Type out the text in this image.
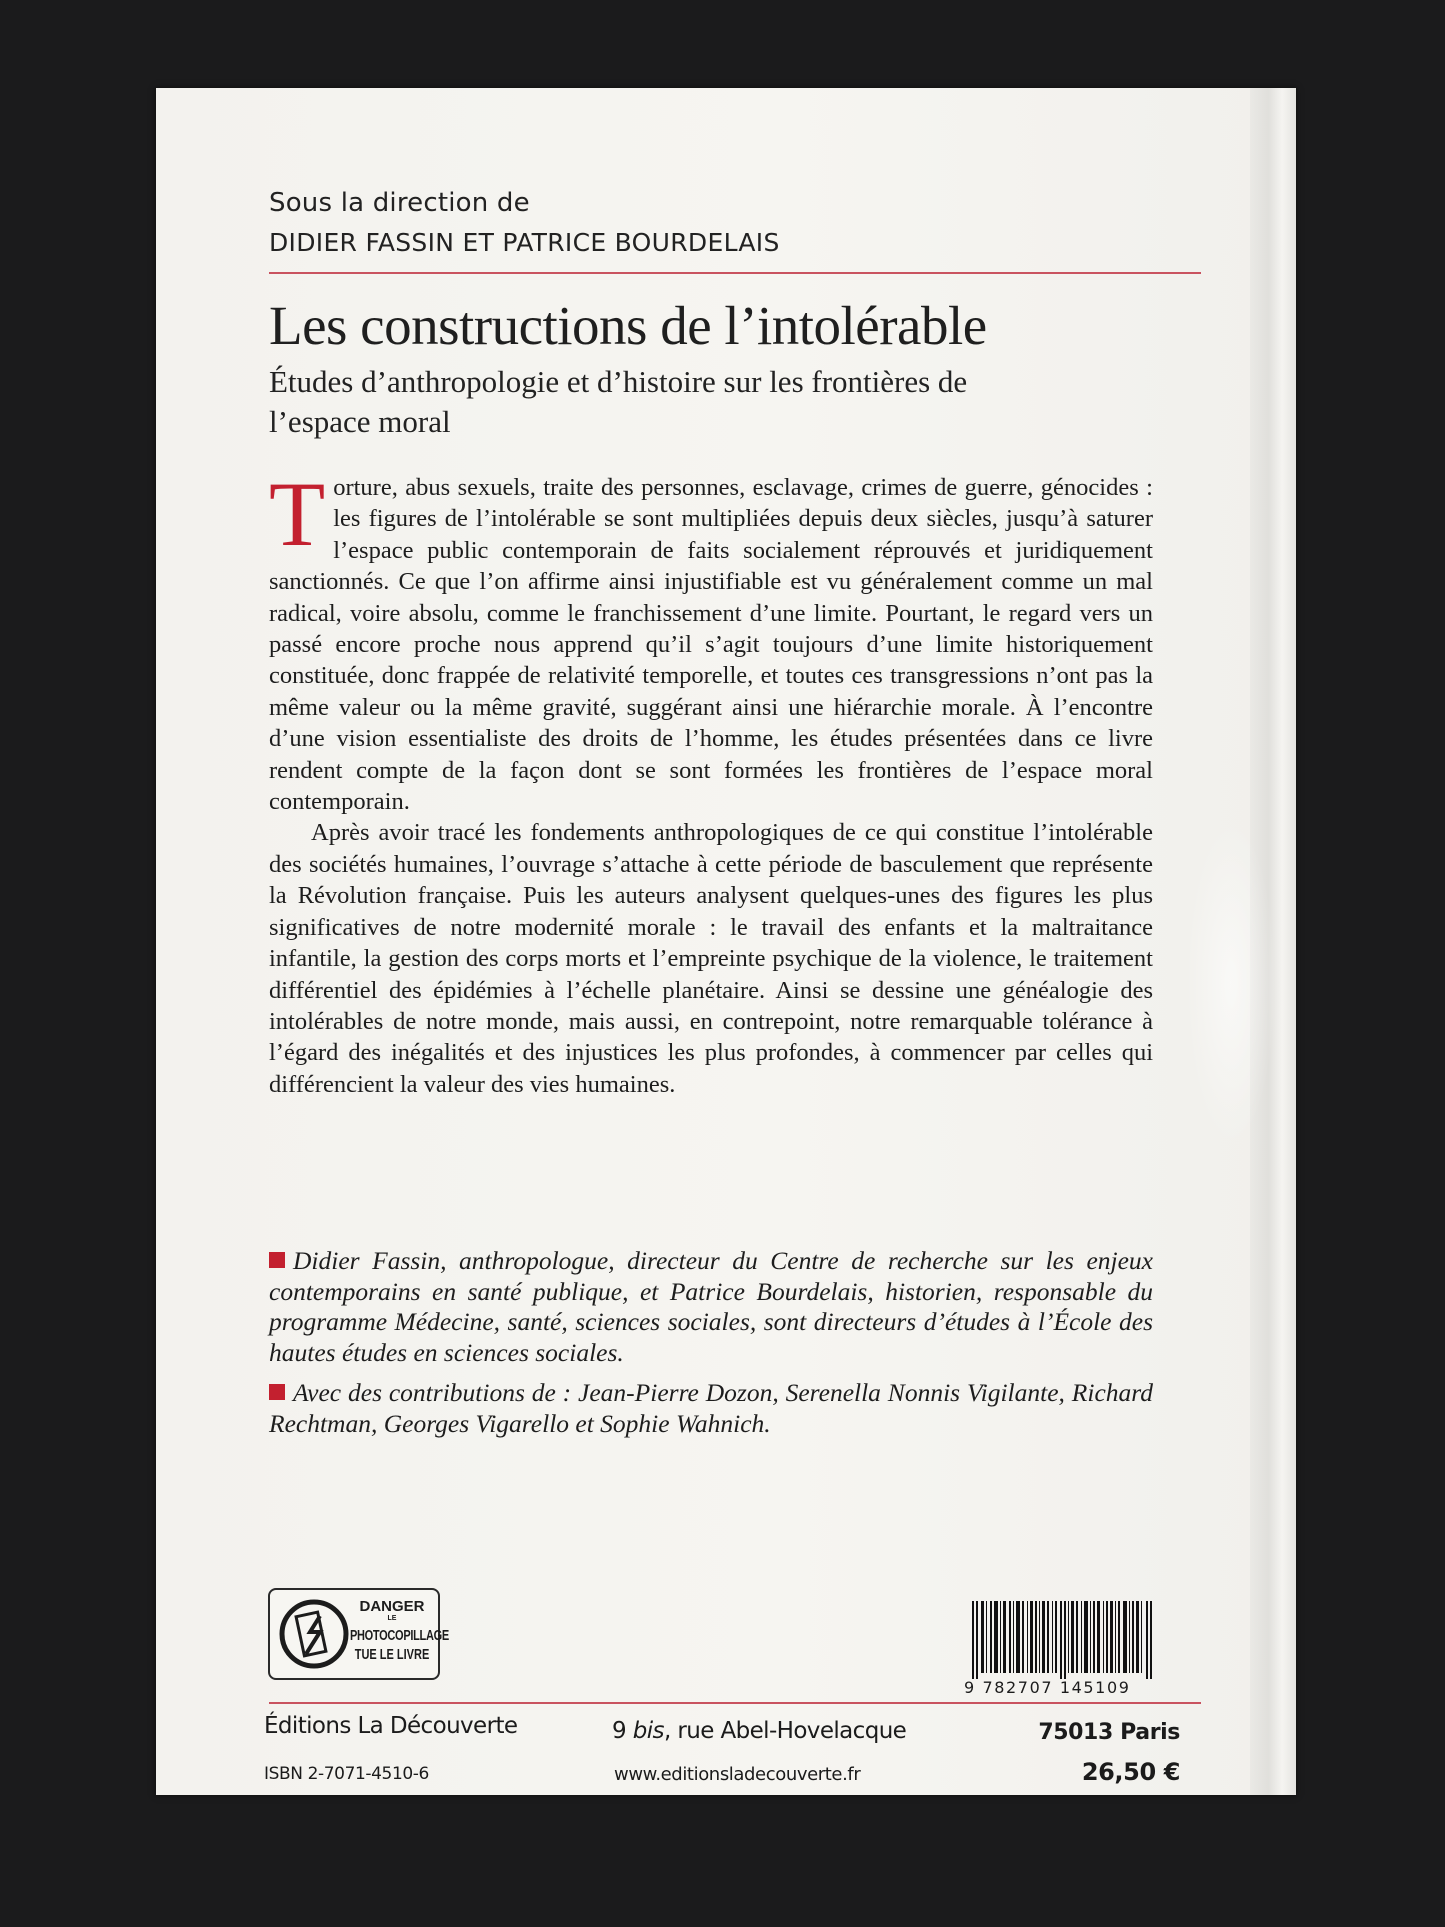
Sous la direction de
DIDIER FASSIN ET PATRICE BOURDELAIS
Les constructions de l’intolérable
Études d’anthropologie et d’histoire sur les frontières de l’espace moral

Torture, abus sexuels, traite des personnes, esclavage, crimes de guerre, génocides : les figures de l’intolérable se sont multipliées depuis deux siècles, jusqu’à saturer l’espace public contemporain de faits socialement réprouvés et juridiquement sanctionnés. Ce que l’on affirme ainsi injustifiable est vu généralement comme un mal radical, voire absolu, comme le franchissement d’une limite. Pourtant, le regard vers un passé encore proche nous apprend qu’il s’agit toujours d’une limite historiquement constituée, donc frappée de relativité temporelle, et toutes ces transgressions n’ont pas la même valeur ou la même gravité, suggérant ainsi une hiérarchie morale. À l’encontre d’une vision essentialiste des droits de l’homme, les études présentées dans ce livre rendent compte de la façon dont se sont formées les frontières de l’espace moral contemporain.

Après avoir tracé les fondements anthropologiques de ce qui constitue l’intolérable des sociétés humaines, l’ouvrage s’attache à cette période de basculement que représente la Révolution française. Puis les auteurs analysent quelques-unes des figures les plus significatives de notre modernité morale : le travail des enfants et la maltraitance infantile, la gestion des corps morts et l’empreinte psychique de la violence, le traitement différentiel des épidémies à l’échelle planétaire. Ainsi se dessine une généalogie des intolérables de notre monde, mais aussi, en contrepoint, notre remarquable tolérance à l’égard des inégalités et des injustices les plus profondes, à commencer par celles qui différencient la valeur des vies humaines.

Didier Fassin, anthropologue, directeur du Centre de recherche sur les enjeux contemporains en santé publique, et Patrice Bourdelais, historien, responsable du programme Médecine, santé, sciences sociales, sont directeurs d’études à l’École des hautes études en sciences sociales.

Avec des contributions de : Jean-Pierre Dozon, Serenella Nonnis Vigilante, Richard Rechtman, Georges Vigarello et Sophie Wahnich.

DANGER
LE
PHOTOCOPILLAGE
TUE LE LIVRE
9 782707 145109
Éditions La Découverte	9 bis, rue Abel-Hovelacque	75013 Paris
ISBN 2-7071-4510-6	www.editionsladecouverte.fr	26,50 €
